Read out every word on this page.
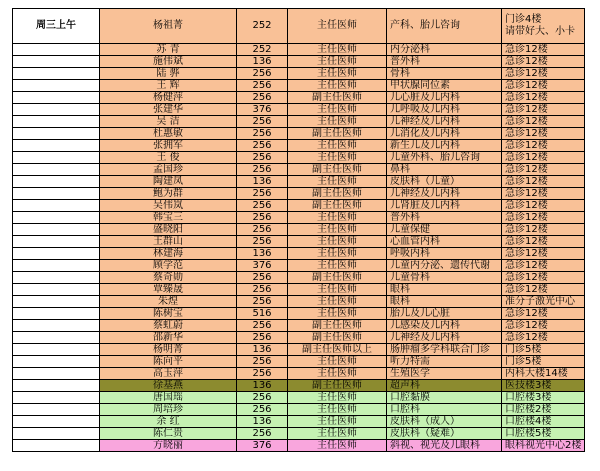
周三上午	杨祖菁	252	主任医师	产科、胎儿咨询	门诊4楼
请带好大、小卡
	苏 青	252	主任医师	内分泌科	急诊12楼
	施伟斌	136	主任医师	普外科	急诊12楼
	陆 骅	256	主任医师	骨科	急诊12楼
	王 辉	256	主任医师	甲状腺同位素	急诊12楼
	杨健萍	256	副主任医师	儿心脏及儿内科	急诊12楼
	张建华	376	主任医师	儿呼吸及儿内科	急诊12楼
	吴 洁	256	主任医师	儿神经及儿内科	急诊12楼
	杜惠敏	256	副主任医师	儿消化及儿内科	急诊12楼
	张拥军	256	主任医师	新生儿及儿内科	急诊12楼
	王 俊	256	主任医师	儿童外科、胎儿咨询	急诊12楼
	孟国珍	256	副主任医师	鼻科	急诊12楼
	陶建凤	136	主任医师	皮肤科（儿童）	急诊12楼
	鲍为群	256	副主任医师	儿神经及儿内科	急诊12楼
	吴伟岚	256	副主任医师	儿肾脏及儿内科	急诊12楼
	韩宝三	256	主任医师	普外科	急诊12楼
	盛晓阳	256	主任医师	儿童保健	急诊12楼
	王群山	256	主任医师	心血管内科	急诊12楼
	林建海	136	主任医师	呼吸内科	急诊12楼
	顾学范	376	主任医师	儿童内分泌、遗传代谢	急诊12楼
	蔡奇勋	256	副主任医师	儿童骨科	急诊12楼
	覃臻晟	256	主任医师	眼科	急诊12楼
	朱煌	256	主任医师	眼科	准分子激光中心
	陈树宝	516	主任医师	胎儿及儿心脏	急诊12楼
	蔡虹蔚	256	副主任医师	儿感染及儿内科	急诊12楼
	邵新华	256	副主任医师	儿神经及儿内科	急诊12楼
	杨明菁	136	副主任医师以上	肠肿瘤多学科联合门诊	门诊5楼
	陈向平	256	主任医师	听力特需	门诊5楼
	高玉萍	256	主任医师	生殖医学	内科大楼14楼
	徐基燕	136	副主任医师	超声科	医技楼3楼
	唐国瑶	256	主任医师	口腔黏膜	口腔楼3楼
	周培珍	256	主任医师	口腔科	口腔楼2楼
	余 红	136	主任医师	皮肤科（成人）	口腔楼4楼
	陈仁贵	256	主任医师	皮肤科（疑难）	口腔楼5楼
	方晓丽	376	主任医师	斜视、视光及儿眼科	眼科视光中心2楼
